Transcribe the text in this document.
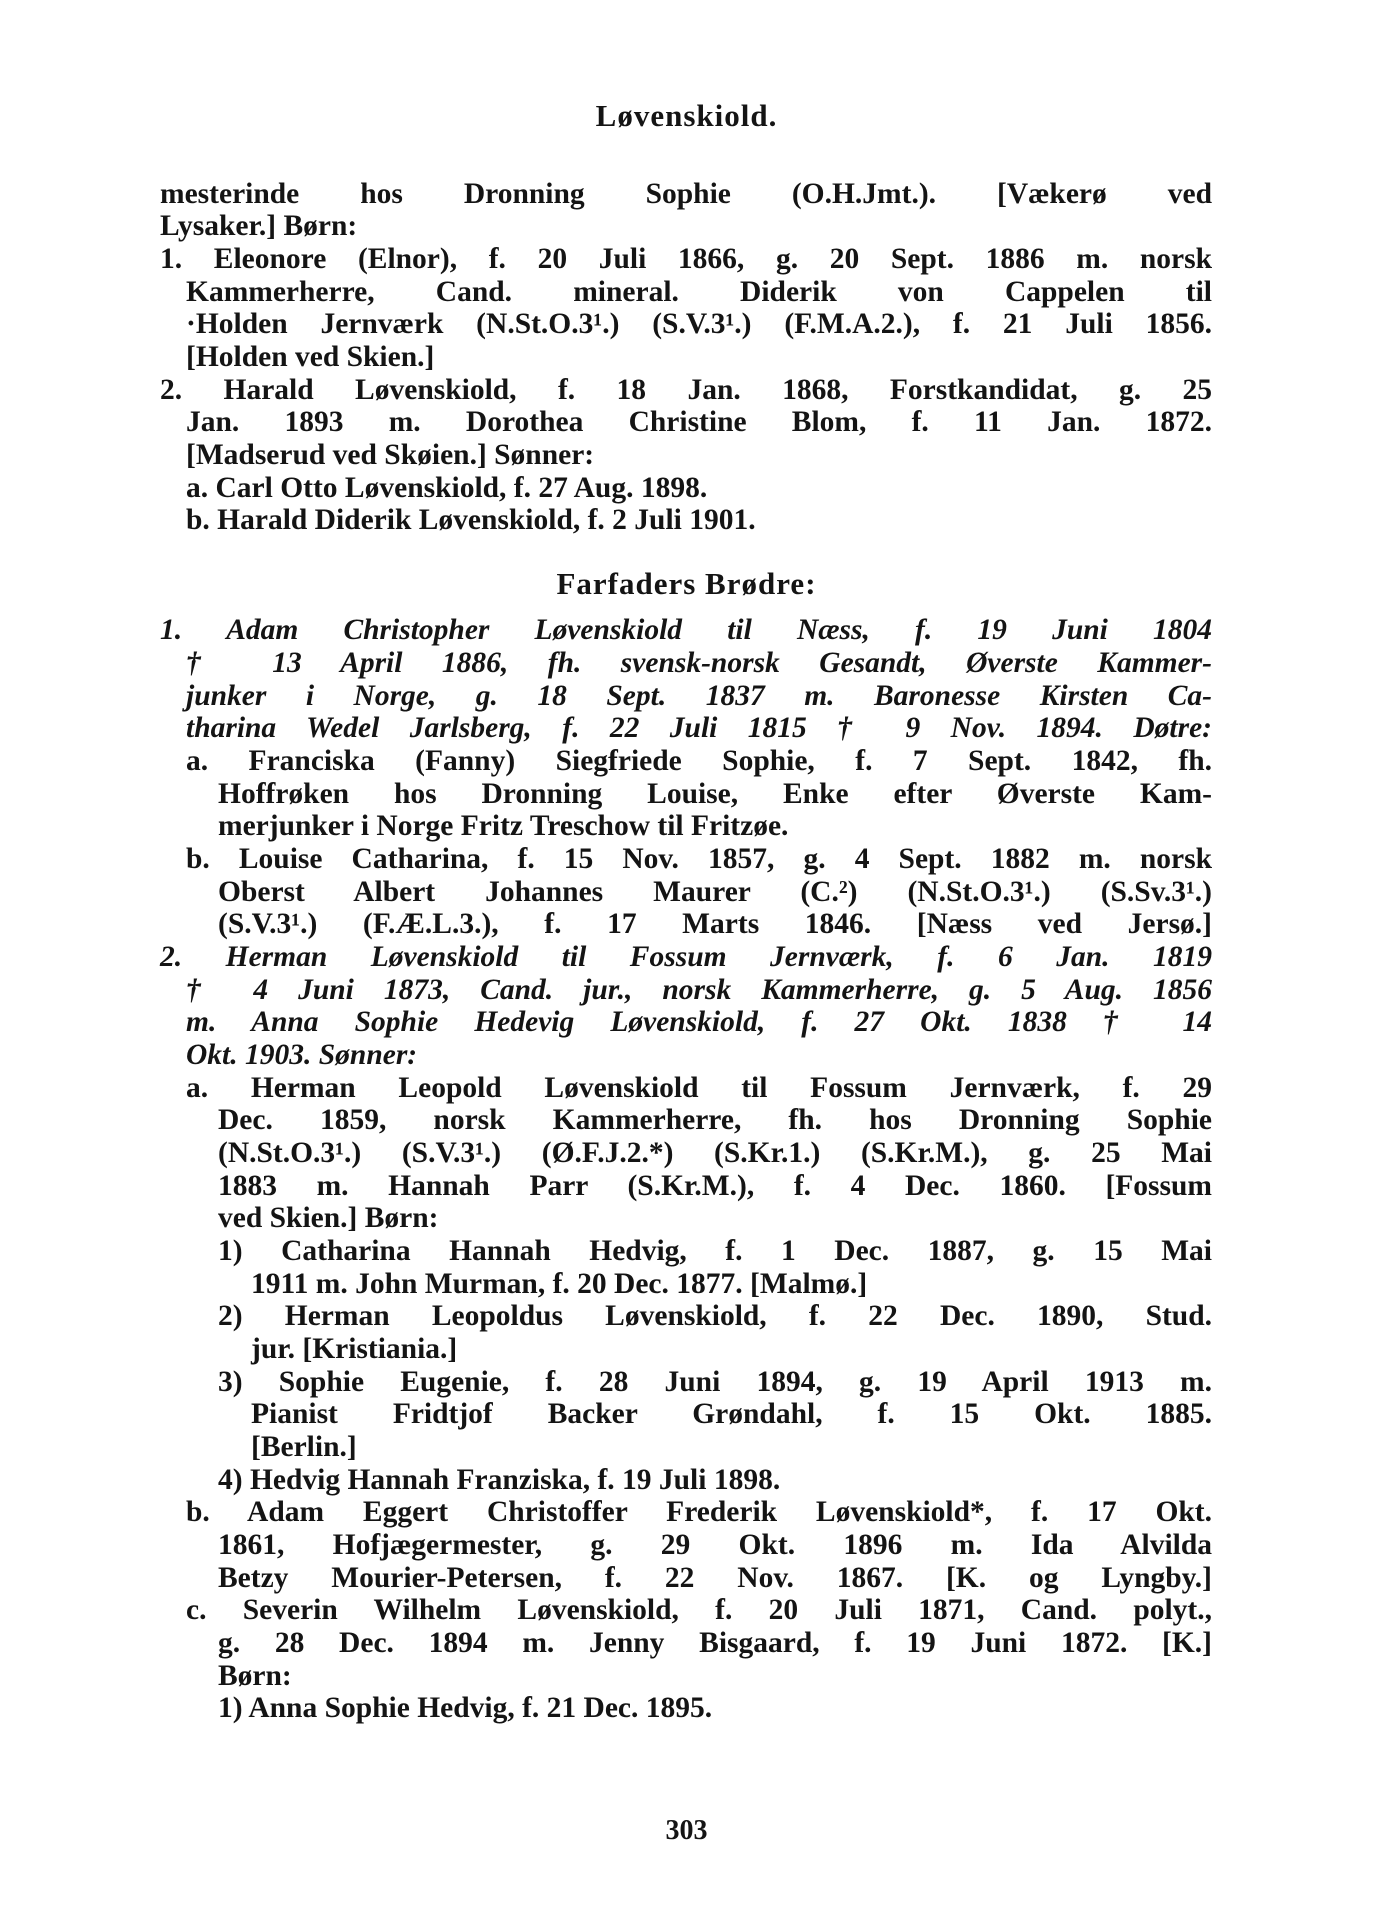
Løvenskiold.
mesterinde hos Dronning Sophie (O.H.Jmt.). [Vækerø ved
Lysaker.] Børn:
1. Eleonore (Elnor), f. 20 Juli 1866, g. 20 Sept. 1886 m. norsk
Kammerherre, Cand. mineral. Diderik von Cappelen til
·Holden Jernværk (N.St.O.3¹.) (S.V.3¹.) (F.M.A.2.), f. 21 Juli 1856.
[Holden ved Skien.]
2. Harald Løvenskiold, f. 18 Jan. 1868, Forstkandidat, g. 25
Jan. 1893 m. Dorothea Christine Blom, f. 11 Jan. 1872.
[Madserud ved Skøien.] Sønner:
a. Carl Otto Løvenskiold, f. 27 Aug. 1898.
b. Harald Diderik Løvenskiold, f. 2 Juli 1901.
Farfaders Brødre:
1. Adam Christopher Løvenskiold til Næss, f. 19 Juni 1804
† 13 April 1886, fh. svensk-norsk Gesandt, Øverste Kammer-
junker i Norge, g. 18 Sept. 1837 m. Baronesse Kirsten Ca-
tharina Wedel Jarlsberg, f. 22 Juli 1815 † 9 Nov. 1894. Døtre:
a. Franciska (Fanny) Siegfriede Sophie, f. 7 Sept. 1842, fh.
Hoffrøken hos Dronning Louise, Enke efter Øverste Kam-
merjunker i Norge Fritz Treschow til Fritzøe.
b. Louise Catharina, f. 15 Nov. 1857, g. 4 Sept. 1882 m. norsk
Oberst Albert Johannes Maurer (C.²) (N.St.O.3¹.) (S.Sv.3¹.)
(S.V.3¹.) (F.Æ.L.3.), f. 17 Marts 1846. [Næss ved Jersø.]
2. Herman Løvenskiold til Fossum Jernværk, f. 6 Jan. 1819
† 4 Juni 1873, Cand. jur., norsk Kammerherre, g. 5 Aug. 1856
m. Anna Sophie Hedevig Løvenskiold, f. 27 Okt. 1838 † 14
Okt. 1903. Sønner:
a. Herman Leopold Løvenskiold til Fossum Jernværk, f. 29
Dec. 1859, norsk Kammerherre, fh. hos Dronning Sophie
(N.St.O.3¹.) (S.V.3¹.) (Ø.F.J.2.*) (S.Kr.1.) (S.Kr.M.), g. 25 Mai
1883 m. Hannah Parr (S.Kr.M.), f. 4 Dec. 1860. [Fossum
ved Skien.] Børn:
1) Catharina Hannah Hedvig, f. 1 Dec. 1887, g. 15 Mai
1911 m. John Murman, f. 20 Dec. 1877. [Malmø.]
2) Herman Leopoldus Løvenskiold, f. 22 Dec. 1890, Stud.
jur. [Kristiania.]
3) Sophie Eugenie, f. 28 Juni 1894, g. 19 April 1913 m.
Pianist Fridtjof Backer Grøndahl, f. 15 Okt. 1885.
[Berlin.]
4) Hedvig Hannah Franziska, f. 19 Juli 1898.
b. Adam Eggert Christoffer Frederik Løvenskiold*, f. 17 Okt.
1861, Hofjægermester, g. 29 Okt. 1896 m. Ida Alvilda
Betzy Mourier-Petersen, f. 22 Nov. 1867. [K. og Lyngby.]
c. Severin Wilhelm Løvenskiold, f. 20 Juli 1871, Cand. polyt.,
g. 28 Dec. 1894 m. Jenny Bisgaard, f. 19 Juni 1872. [K.]
Børn:
1) Anna Sophie Hedvig, f. 21 Dec. 1895.
303
